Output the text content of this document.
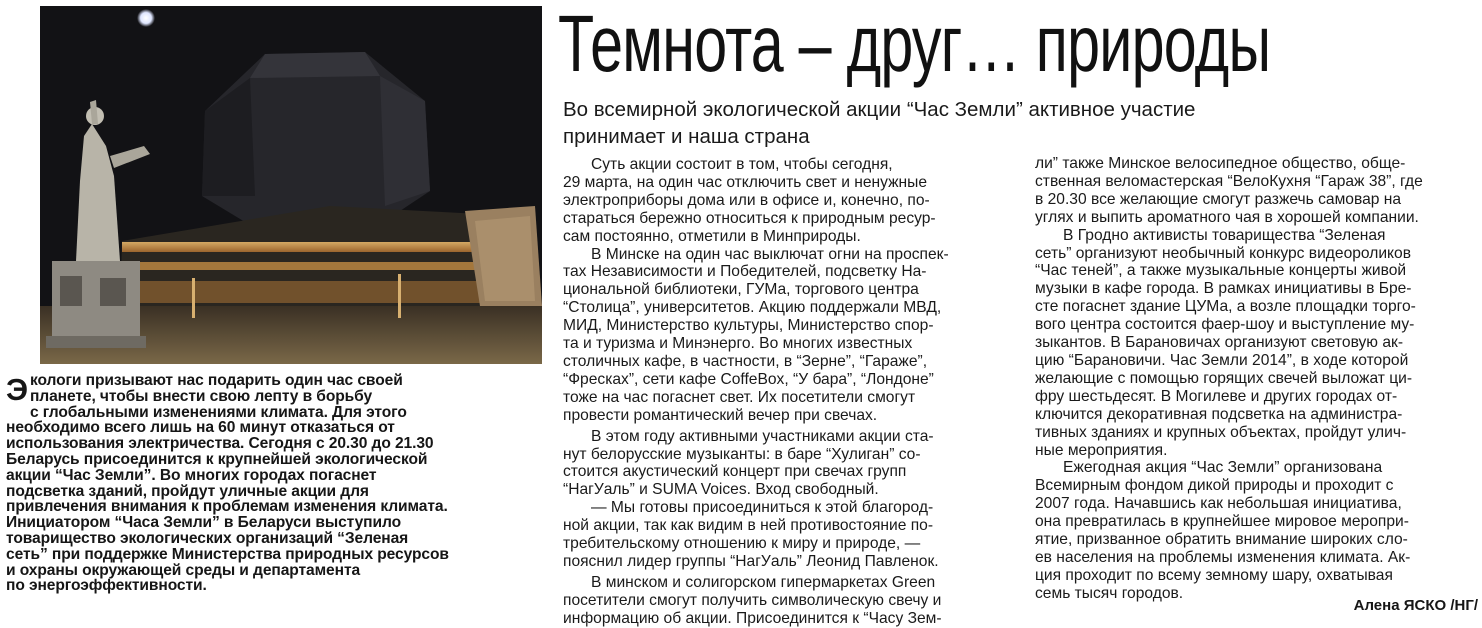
Э кологи призывают нас подарить один час своей
планете, чтобы внести свою лепту в борьбу
с глобальными изменениями климата. Для этого
необходимо всего лишь на 60 минут отказаться от
использования электричества. Сегодня с 20.30 до 21.30
Беларусь присоединится к крупнейшей экологической
акции “Час Земли”. Во многих городах погаснет
подсветка зданий, пройдут уличные акции для
привлечения внимания к проблемам изменения климата.
Инициатором “Часа Земли” в Беларуси выступило
товарищество экологических организаций “Зеленая
сеть” при поддержке Министерства природных ресурсов
и охраны окружающей среды и департамента
по энергоэффективности.
Темнота – друг… природы
Во всемирной экологической акции “Час Земли” активное участие
принимает и наша страна
Суть акции состоит в том, чтобы сегодня,
29 марта, на один час отключить свет и ненужные
электроприборы дома или в офисе и, конечно, по-
стараться бережно относиться к природным ресур-
сам постоянно, отметили в Минприроды.
В Минске на один час выключат огни на проспек-
тах Независимости и Победителей, подсветку На-
циональной библиотеки, ГУМа, торгового центра
“Столица”, университетов. Акцию поддержали МВД,
МИД, Министерство культуры, Министерство спор-
та и туризма и Минэнерго. Во многих известных
столичных кафе, в частности, в “Зерне”, “Гараже”,
“Фресках”, сети кафе CoffeBox, “У бара”, “Лондоне”
тоже на час погаснет свет. Их посетители смогут
провести романтический вечер при свечах.
В этом году активными участниками акции ста-
нут белорусские музыканты: в баре “Хулиган” со-
стоится акустический концерт при свечах групп
“НагУаль” и SUMA Voices. Вход свободный.
— Мы готовы присоединиться к этой благород-
ной акции, так как видим в ней противостояние по-
требительскому отношению к миру и природе, —
пояснил лидер группы “НагУаль” Леонид Павленок.
В минском и солигорском гипермаркетах Green
посетители смогут получить символическую свечу и
информацию об акции. Присоединится к “Часу Зем-
ли” также Минское велосипедное общество, обще-
ственная веломастерская “ВелоКухня “Гараж 38”, где
в 20.30 все желающие смогут разжечь самовар на
углях и выпить ароматного чая в хорошей компании.
В Гродно активисты товарищества “Зеленая
сеть” организуют необычный конкурс видеороликов
“Час теней”, а также музыкальные концерты живой
музыки в кафе города. В рамках инициативы в Бре-
сте погаснет здание ЦУМа, а возле площадки торго-
вого центра состоится фаер-шоу и выступление му-
зыкантов. В Барановичах организуют световую ак-
цию “Барановичи. Час Земли 2014”, в ходе которой
желающие с помощью горящих свечей выложат ци-
фру шестьдесят. В Могилеве и других городах от-
ключится декоративная подсветка на администра-
тивных зданиях и крупных объектах, пройдут улич-
ные мероприятия.
Ежегодная акция “Час Земли” организована
Всемирным фондом дикой природы и проходит с
2007 года. Начавшись как небольшая инициатива,
она превратилась в крупнейшее мировое меропри-
ятие, призванное обратить внимание широких сло-
ев населения на проблемы изменения климата. Ак-
ция проходит по всему земному шару, охватывая
семь тысяч городов.
Алена ЯСКО /НГ/
